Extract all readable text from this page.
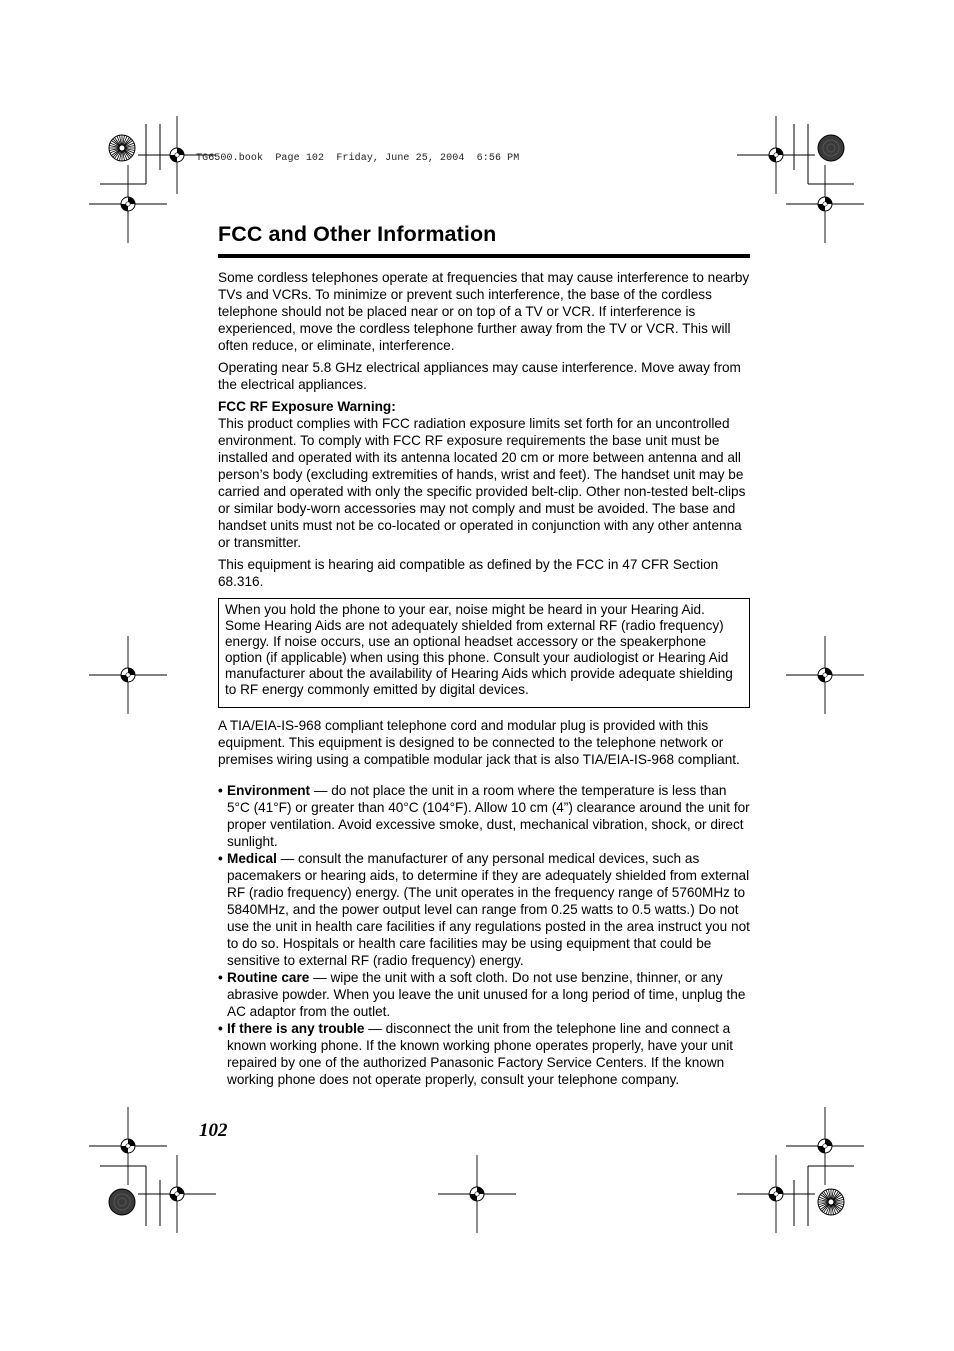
TG6500.book  Page 102  Friday, June 25, 2004  6:56 PM
FCC and Other Information

Some cordless telephones operate at frequencies that may cause interference to nearby TVs and VCRs. To minimize or prevent such interference, the base of the cordless telephone should not be placed near or on top of a TV or VCR. If interference is experienced, move the cordless telephone further away from the TV or VCR. This will often reduce, or eliminate, interference.

Operating near 5.8 GHz electrical appliances may cause interference. Move away from the electrical appliances.

FCC RF Exposure Warning:

This product complies with FCC radiation exposure limits set forth for an uncontrolled environment. To comply with FCC RF exposure requirements the base unit must be installed and operated with its antenna located 20 cm or more between antenna and all person’s body (excluding extremities of hands, wrist and feet). The handset unit may be carried and operated with only the specific provided belt-clip. Other non-tested belt-clips or similar body-worn accessories may not comply and must be avoided. The base and handset units must not be co-located or operated in conjunction with any other antenna or transmitter.

This equipment is hearing aid compatible as defined by the FCC in 47 CFR Section 68.316.

When you hold the phone to your ear, noise might be heard in your Hearing Aid. Some Hearing Aids are not adequately shielded from external RF (radio frequency) energy. If noise occurs, use an optional headset accessory or the speakerphone option (if applicable) when using this phone. Consult your audiologist or Hearing Aid manufacturer about the availability of Hearing Aids which provide adequate shielding to RF energy commonly emitted by digital devices.

A TIA/EIA-IS-968 compliant telephone cord and modular plug is provided with this equipment. This equipment is designed to be connected to the telephone network or premises wiring using a compatible modular jack that is also TIA/EIA-IS-968 compliant.

• Environment — do not place the unit in a room where the temperature is less than 5°C (41°F) or greater than 40°C (104°F). Allow 10 cm (4”) clearance around the unit for proper ventilation. Avoid excessive smoke, dust, mechanical vibration, shock, or direct sunlight.
• Medical — consult the manufacturer of any personal medical devices, such as pacemakers or hearing aids, to determine if they are adequately shielded from external RF (radio frequency) energy. (The unit operates in the frequency range of 5760MHz to 5840MHz, and the power output level can range from 0.25 watts to 0.5 watts.) Do not use the unit in health care facilities if any regulations posted in the area instruct you not to do so. Hospitals or health care facilities may be using equipment that could be sensitive to external RF (radio frequency) energy.
• Routine care — wipe the unit with a soft cloth. Do not use benzine, thinner, or any abrasive powder. When you leave the unit unused for a long period of time, unplug the AC adaptor from the outlet.
• If there is any trouble — disconnect the unit from the telephone line and connect a known working phone. If the known working phone operates properly, have your unit repaired by one of the authorized Panasonic Factory Service Centers. If the known working phone does not operate properly, consult your telephone company.
102
